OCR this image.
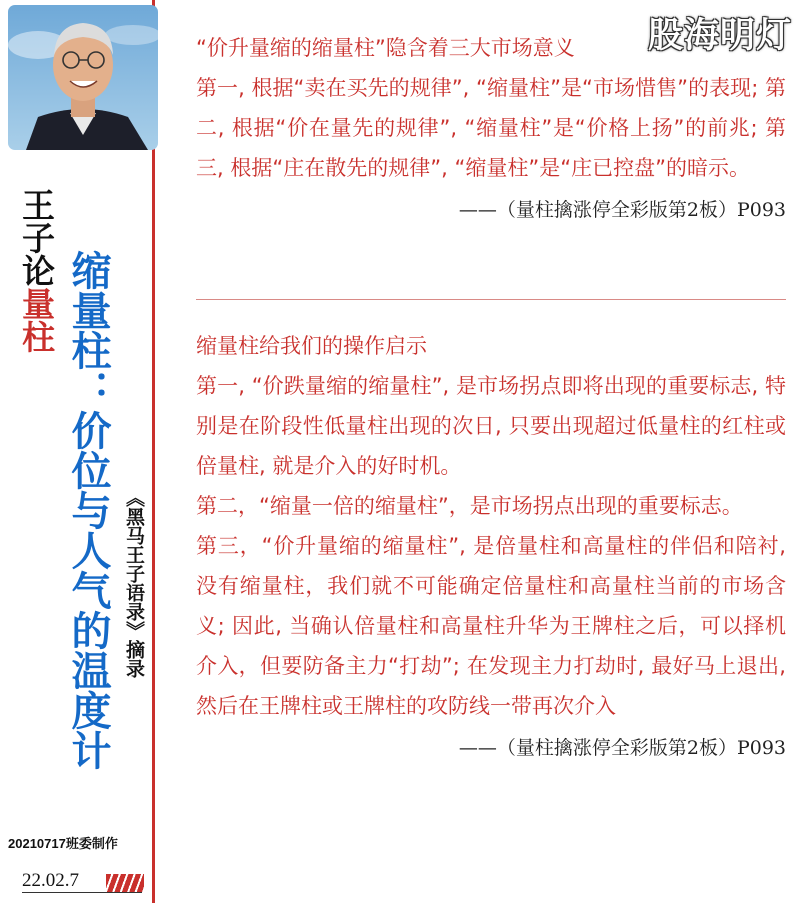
王子论量柱 缩量柱：价位与人气的温度计 《黑马王子语录》摘录
20210717班委制作
22.02.7
股海明灯

“价升量缩的缩量柱”隐含着三大市场意义

第一, 根据“卖在买先的规律”, “缩量柱”是“市场惜售”的表现; 第二, 根据“价在量先的规律”, “缩量柱”是“价格上扬”的前兆; 第三, 根据“庄在散先的规律”, “缩量柱”是“庄已控盘”的暗示。

——（量柱擒涨停全彩版第2板）P093

缩量柱给我们的操作启示

第一, “价跌量缩的缩量柱”, 是市场拐点即将出现的重要标志, 特别是在阶段性低量柱出现的次日, 只要出现超过低量柱的红柱或倍量柱, 就是介入的好时机。

第二，“缩量一倍的缩量柱”，是市场拐点出现的重要标志。

第三，“价升量缩的缩量柱”, 是倍量柱和高量柱的伴侣和陪衬, 没有缩量柱，我们就不可能确定倍量柱和高量柱当前的市场含义; 因此, 当确认倍量柱和高量柱升华为王牌柱之后，可以择机介入，但要防备主力“打劫”; 在发现主力打劫时, 最好马上退出, 然后在王牌柱或王牌柱的攻防线一带再次介入

——（量柱擒涨停全彩版第2板）P093
